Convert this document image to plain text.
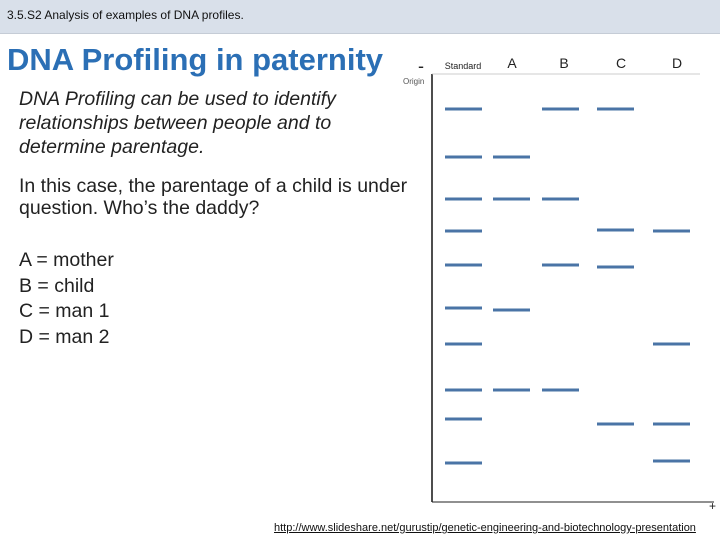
3.5.S2 Analysis of examples of DNA profiles.
DNA Profiling in paternity
DNA Profiling can be used to identify relationships between people and to determine parentage.
In this case, the parentage of a child is under question. Who’s the daddy?
A = mother
B = child
C = man 1
D = man 2
-
Origin
+
Standard A	B	C	D
http://www.slideshare.net/gurustip/genetic-engineering-and-biotechnology-presentation
